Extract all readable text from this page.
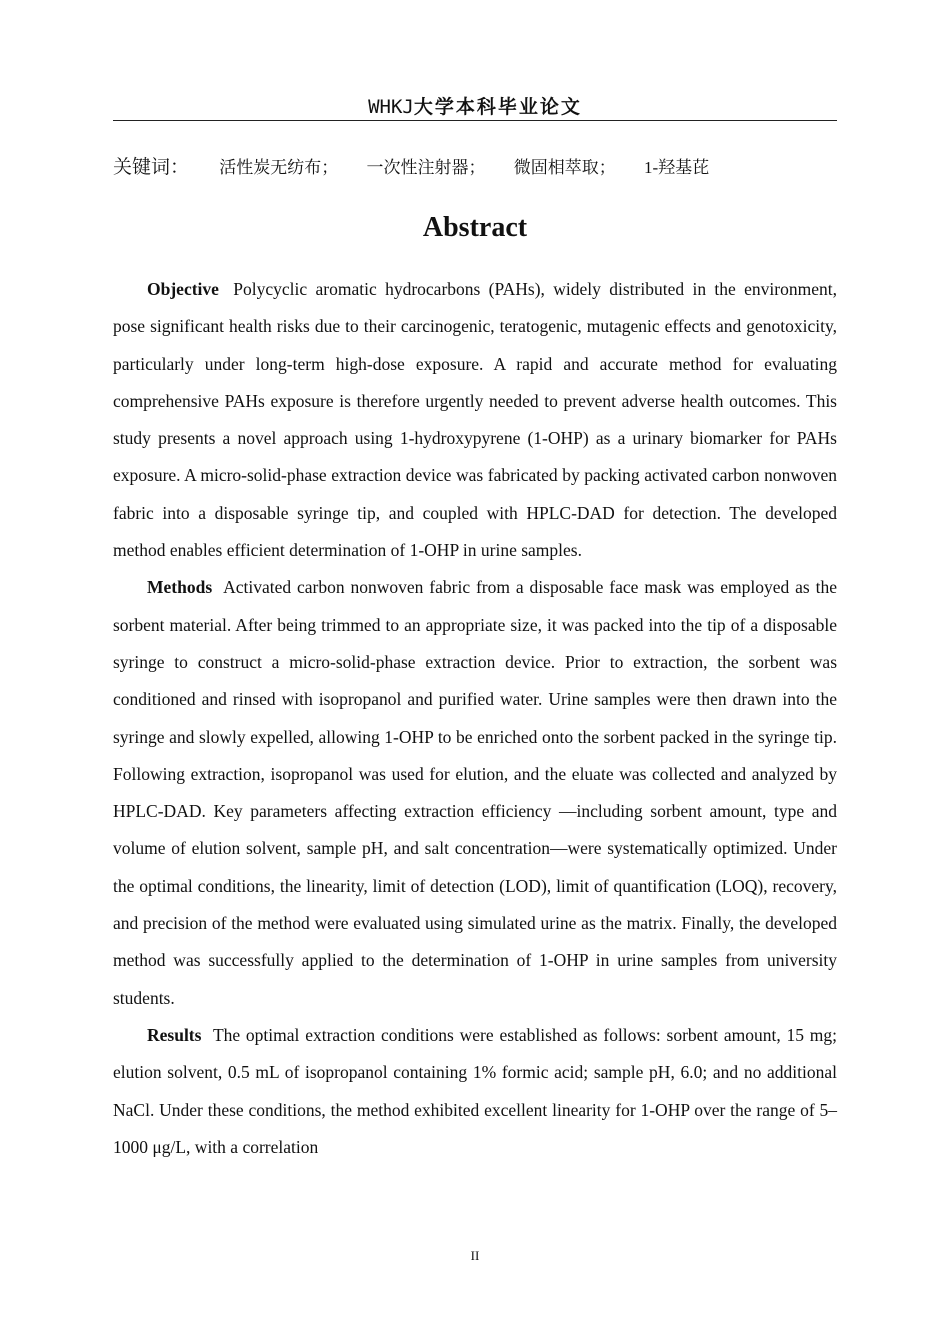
WHKJ大学本科毕业论文
关键词： 活性炭无纺布； 一次性注射器； 微固相萃取； 1-羟基芘
Abstract

Objective Polycyclic aromatic hydrocarbons (PAHs), widely distributed in the environment, pose significant health risks due to their carcinogenic, teratogenic, mutagenic effects and genotoxicity, particularly under long-term high-dose exposure. A rapid and accurate method for evaluating comprehensive PAHs exposure is therefore urgently needed to prevent adverse health outcomes. This study presents a novel approach using 1-hydroxypyrene (1-OHP) as a urinary biomarker for PAHs exposure. A micro-solid-phase extraction device was fabricated by packing activated carbon nonwoven fabric into a disposable syringe tip, and coupled with HPLC-DAD for detection. The developed method enables efficient determination of 1-OHP in urine samples.

Methods Activated carbon nonwoven fabric from a disposable face mask was employed as the sorbent material. After being trimmed to an appropriate size, it was packed into the tip of a disposable syringe to construct a micro-solid-phase extraction device. Prior to extraction, the sorbent was conditioned and rinsed with isopropanol and purified water. Urine samples were then drawn into the syringe and slowly expelled, allowing 1-OHP to be enriched onto the sorbent packed in the syringe tip. Following extraction, isopropanol was used for elution, and the eluate was collected and analyzed by HPLC-DAD. Key parameters affecting extraction efficiency —including sorbent amount, type and volume of elution solvent, sample pH, and salt concentration—were systematically optimized. Under the optimal conditions, the linearity, limit of detection (LOD), limit of quantification (LOQ), recovery, and precision of the method were evaluated using simulated urine as the matrix. Finally, the developed method was successfully applied to the determination of 1-OHP in urine samples from university students.

Results The optimal extraction conditions were established as follows: sorbent amount, 15 mg; elution solvent, 0.5 mL of isopropanol containing 1% formic acid; sample pH, 6.0; and no additional NaCl. Under these conditions, the method exhibited excellent linearity for 1-OHP over the range of 5–1000 μg/L, with a correlation

II
